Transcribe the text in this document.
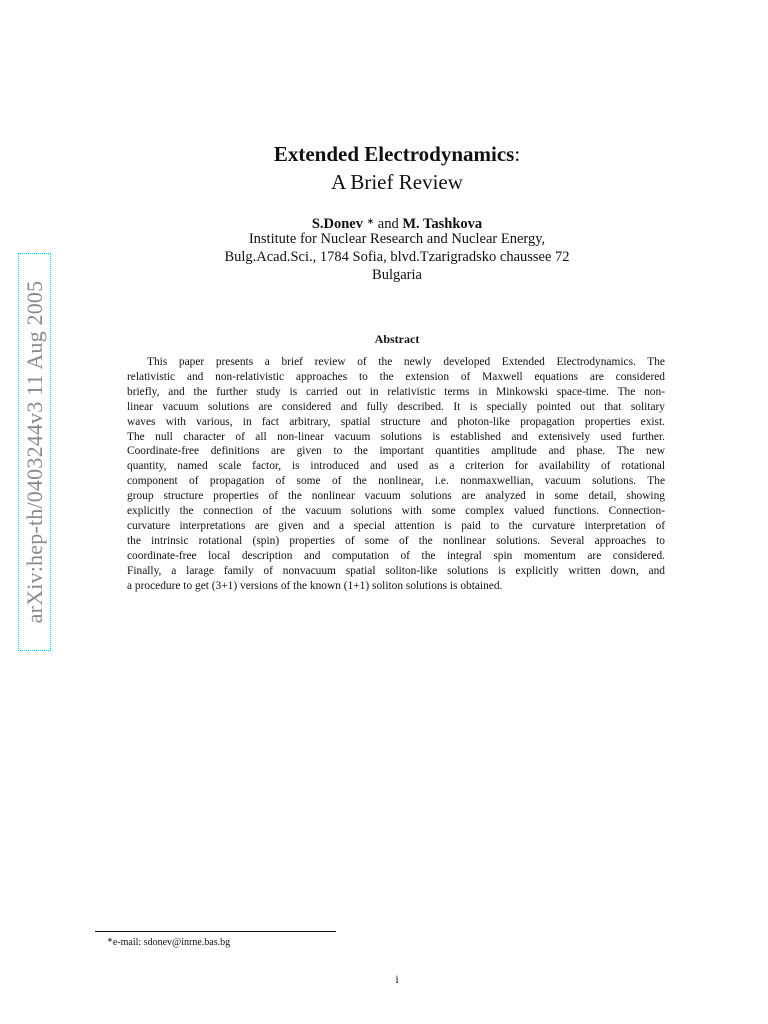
arXiv:hep-th/0403244v3 11 Aug 2005
Extended Electrodynamics:
A Brief Review
S.Donev ∗ and M. Tashkova
Institute for Nuclear Research and Nuclear Energy,
Bulg.Acad.Sci., 1784 Sofia, blvd.Tzarigradsko chaussee 72
Bulgaria
Abstract
This paper presents a brief review of the newly developed Extended Electrodynamics. The
relativistic and non-relativistic approaches to the extension of Maxwell equations are considered
briefly, and the further study is carried out in relativistic terms in Minkowski space-time. The non-
linear vacuum solutions are considered and fully described. It is specially pointed out that solitary
waves with various, in fact arbitrary, spatial structure and photon-like propagation properties exist.
The null character of all non-linear vacuum solutions is established and extensively used further.
Coordinate-free definitions are given to the important quantities amplitude and phase. The new
quantity, named scale factor, is introduced and used as a criterion for availability of rotational
component of propagation of some of the nonlinear, i.e. nonmaxwellian, vacuum solutions. The
group structure properties of the nonlinear vacuum solutions are analyzed in some detail, showing
explicitly the connection of the vacuum solutions with some complex valued functions. Connection-
curvature interpretations are given and a special attention is paid to the curvature interpretation of
the intrinsic rotational (spin) properties of some of the nonlinear solutions. Several approaches to
coordinate-free local description and computation of the integral spin momentum are considered.
Finally, a larage family of nonvacuum spatial soliton-like solutions is explicitly written down, and
a procedure to get (3+1) versions of the known (1+1) soliton solutions is obtained.
∗e-mail: sdonev@inrne.bas.bg
i
